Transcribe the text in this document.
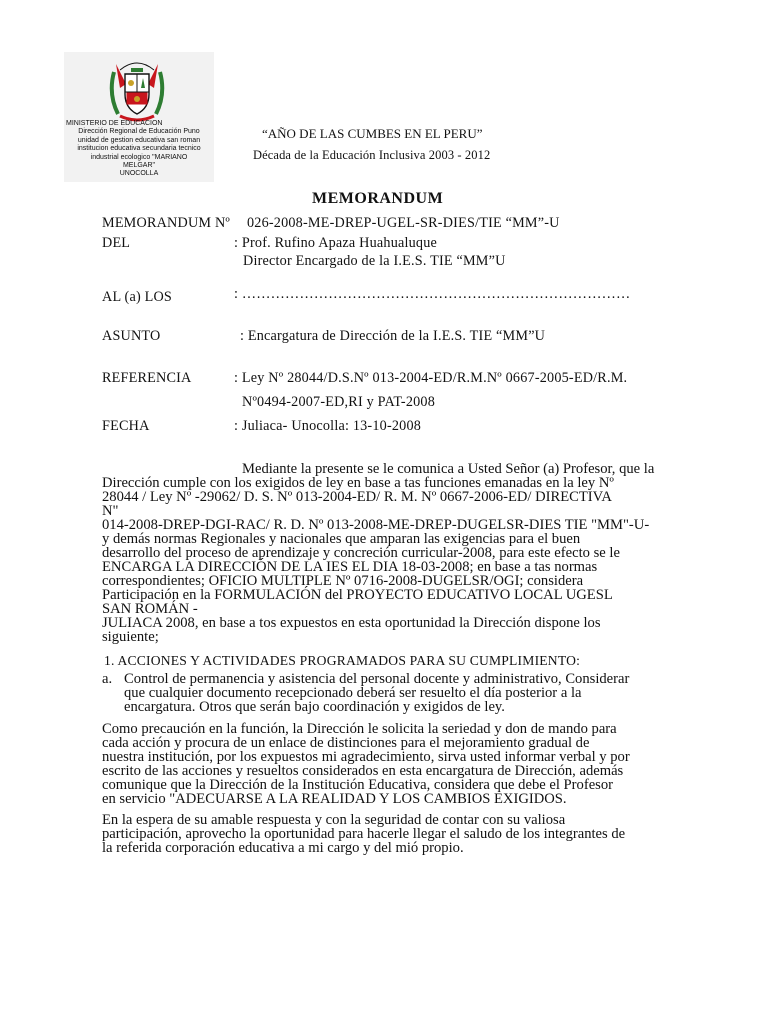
MINISTERIO DE EDUCACION
Dirección Regional de Educación Puno
unidad de gestion educativa san roman
institucion educativa secundaria tecnico
industrial ecologico "MARIANO
MELGAR"
UNOCOLLA
“AÑO DE LAS CUMBES EN EL PERU”
Década de la Educación Inclusiva 2003 - 2012
MEMORANDUM
MEMORANDUM Nº 026-2008-ME-DREP-UGEL-SR-DIES/TIE “MM”-U
DEL	: Prof. Rufino Apaza Huahualuque
Director Encargado de la I.E.S. TIE “MM”U
AL (a) LOS	: ………………………………………………………………………
ASUNTO	: Encargatura de Dirección de la I.E.S. TIE “MM”U
REFERENCIA	: Ley Nº 28044/D.S.Nº 013-2004-ED/R.M.Nº 0667-2005-ED/R.M.
Nº0494-2007-ED,RI y PAT-2008
FECHA	: Juliaca- Unocolla: 13-10-2008

Mediante la presente se le comunica a Usted Señor (a) Profesor, que la

Dirección cumple con los exigidos de ley en base a tas funciones emanadas en la ley Nº

28044 / Ley Nº -29062/ D. S. Nº 013-2004-ED/ R. M. Nº 0667-2006-ED/ DIRECTIVA

N"

014-2008-DREP-DGI-RAC/ R. D. Nº 013-2008-ME-DREP-DUGELSR-DIES TIE "MM"-U-

y demás normas Regionales y nacionales que amparan las exigencias para el buen

desarrollo del proceso de aprendizaje y concreción curricular-2008, para este efecto se le

ENCARGA LA DIRECCIÓN DE LA IES EL DIA 18-03-2008; en base a tas normas

correspondientes; OFICIO MULTIPLE Nº 0716-2008-DUGELSR/OGI; considera

Participación en la FORMULACIÓN del PROYECTO EDUCATIVO LOCAL UGESL

SAN ROMÁN -

JULIACA 2008, en base a tos expuestos en esta oportunidad la Dirección dispone los

siguiente;

1. ACCIONES Y ACTIVIDADES PROGRAMADOS PARA SU CUMPLIMIENTO:
a. Control de permanencia y asistencia del personal docente y administrativo, Considerar

que cualquier documento recepcionado deberá ser resuelto el día posterior a la

encargatura. Otros que serán bajo coordinación y exigidos de ley.

Como precaución en la función, la Dirección le solicita la seriedad y don de mando para

cada acción y procura de un enlace de distinciones para el mejoramiento gradual de

nuestra institución, por los expuestos mi agradecimiento, sirva usted informar verbal y por

escrito de las acciones y resueltos considerados en esta encargatura de Dirección, además

comunique que la Dirección de la Institución Educativa, considera que debe el Profesor

en servicio "ADECUARSE A LA REALIDAD Y LOS CAMBIOS EXIGIDOS.

En la espera de su amable respuesta y con la seguridad de contar con su valiosa

participación, aprovecho la oportunidad para hacerle llegar el saludo de los integrantes de

la referida corporación educativa a mi cargo y del mió propio.
